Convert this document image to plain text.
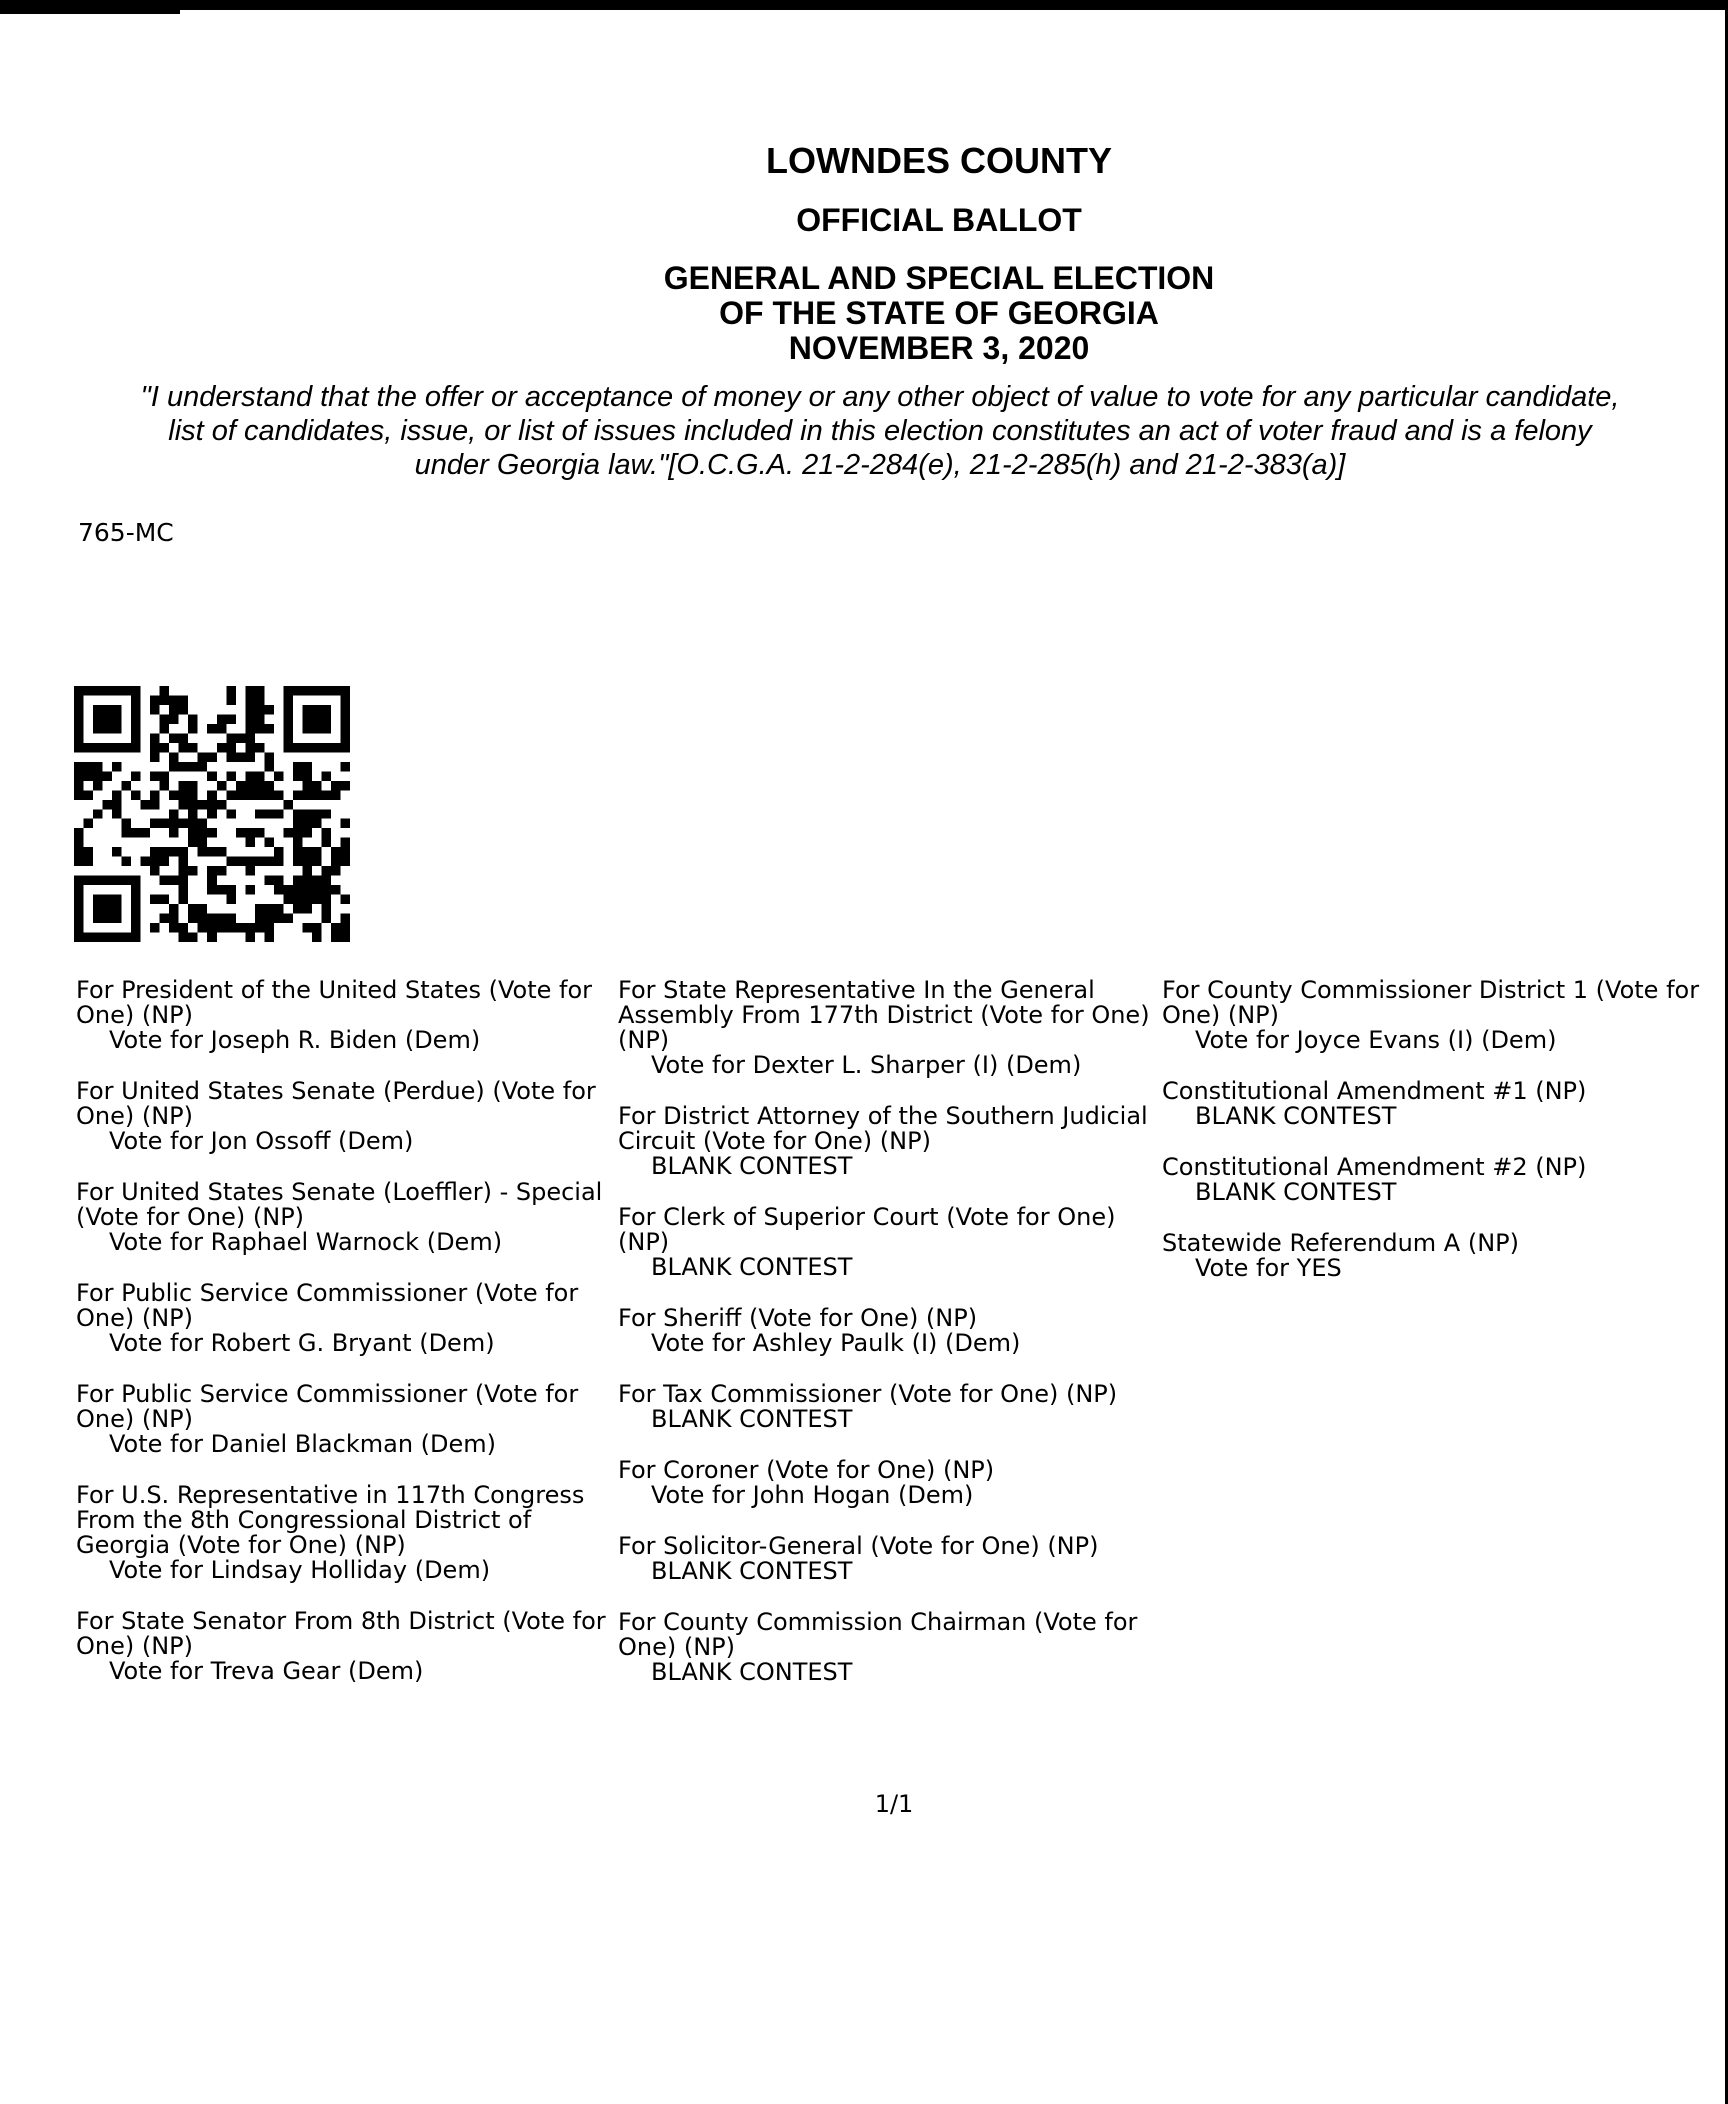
LOWNDES COUNTY
OFFICIAL BALLOT
GENERAL AND SPECIAL ELECTION
OF THE STATE OF GEORGIA
NOVEMBER 3, 2020
"I understand that the offer or acceptance of money or any other object of value to vote for any particular candidate,
list of candidates, issue, or list of issues included in this election constitutes an act of voter fraud and is a felony
under Georgia law."[O.C.G.A. 21-2-284(e), 21-2-285(h) and 21-2-383(a)]
765-MC
For President of the United States (Vote for One) (NP)
Vote for Joseph R. Biden (Dem)
For United States Senate (Perdue) (Vote for One) (NP)
Vote for Jon Ossoff (Dem)
For United States Senate (Loeffler) - Special (Vote for One) (NP)
Vote for Raphael Warnock (Dem)
For Public Service Commissioner (Vote for One) (NP)
Vote for Robert G. Bryant (Dem)
For Public Service Commissioner (Vote for One) (NP)
Vote for Daniel Blackman (Dem)
For U.S. Representative in 117th Congress From the 8th Congressional District of Georgia (Vote for One) (NP)
Vote for Lindsay Holliday (Dem)
For State Senator From 8th District (Vote for One) (NP)
Vote for Treva Gear (Dem)
For State Representative In the General Assembly From 177th District (Vote for One) (NP)
Vote for Dexter L. Sharper (I) (Dem)
For District Attorney of the Southern Judicial Circuit (Vote for One) (NP)
BLANK CONTEST
For Clerk of Superior Court (Vote for One) (NP)
BLANK CONTEST
For Sheriff (Vote for One) (NP)
Vote for Ashley Paulk (I) (Dem)
For Tax Commissioner (Vote for One) (NP)
BLANK CONTEST
For Coroner (Vote for One) (NP)
Vote for John Hogan (Dem)
For Solicitor-General (Vote for One) (NP)
BLANK CONTEST
For County Commission Chairman (Vote for One) (NP)
BLANK CONTEST
For County Commissioner District 1 (Vote for One) (NP)
Vote for Joyce Evans (I) (Dem)
Constitutional Amendment #1 (NP)
BLANK CONTEST
Constitutional Amendment #2 (NP)
BLANK CONTEST
Statewide Referendum A (NP)
Vote for YES
1/1
